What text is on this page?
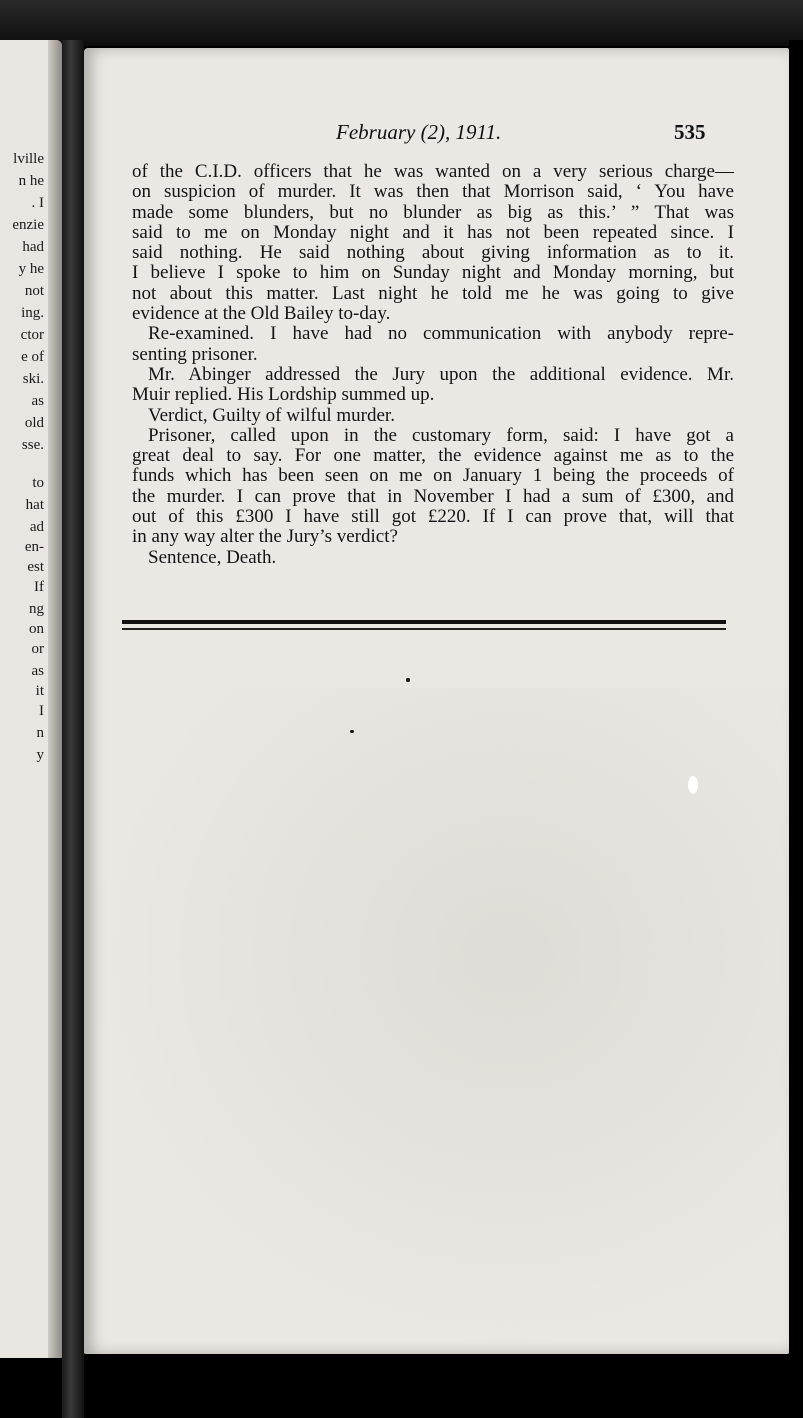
lville
n he
. I
enzie
had
y he
not
ing.
ctor
e of
ski.
as
old
sse.
to
hat
ad
en-
est
If
ng
on
or
as
it
I
n
y
February (2), 1911.	535
of the C.I.D. officers that he was wanted on a very serious charge—
on suspicion of murder. It was then that Morrison said, ‘ You have
made some blunders, but no blunder as big as this.’ ” That was
said to me on Monday night and it has not been repeated since. I
said nothing. He said nothing about giving information as to it.
I believe I spoke to him on Sunday night and Monday morning, but
not about this matter. Last night he told me he was going to give
evidence at the Old Bailey to-day.
Re-examined. I have had no communication with anybody repre-
senting prisoner.
Mr. Abinger addressed the Jury upon the additional evidence. Mr.
Muir replied. His Lordship summed up.
Verdict, Guilty of wilful murder.
Prisoner, called upon in the customary form, said: I have got a
great deal to say. For one matter, the evidence against me as to the
funds which has been seen on me on January 1 being the proceeds of
the murder. I can prove that in November I had a sum of £300, and
out of this £300 I have still got £220. If I can prove that, will that
in any way alter the Jury’s verdict?
Sentence, Death.
